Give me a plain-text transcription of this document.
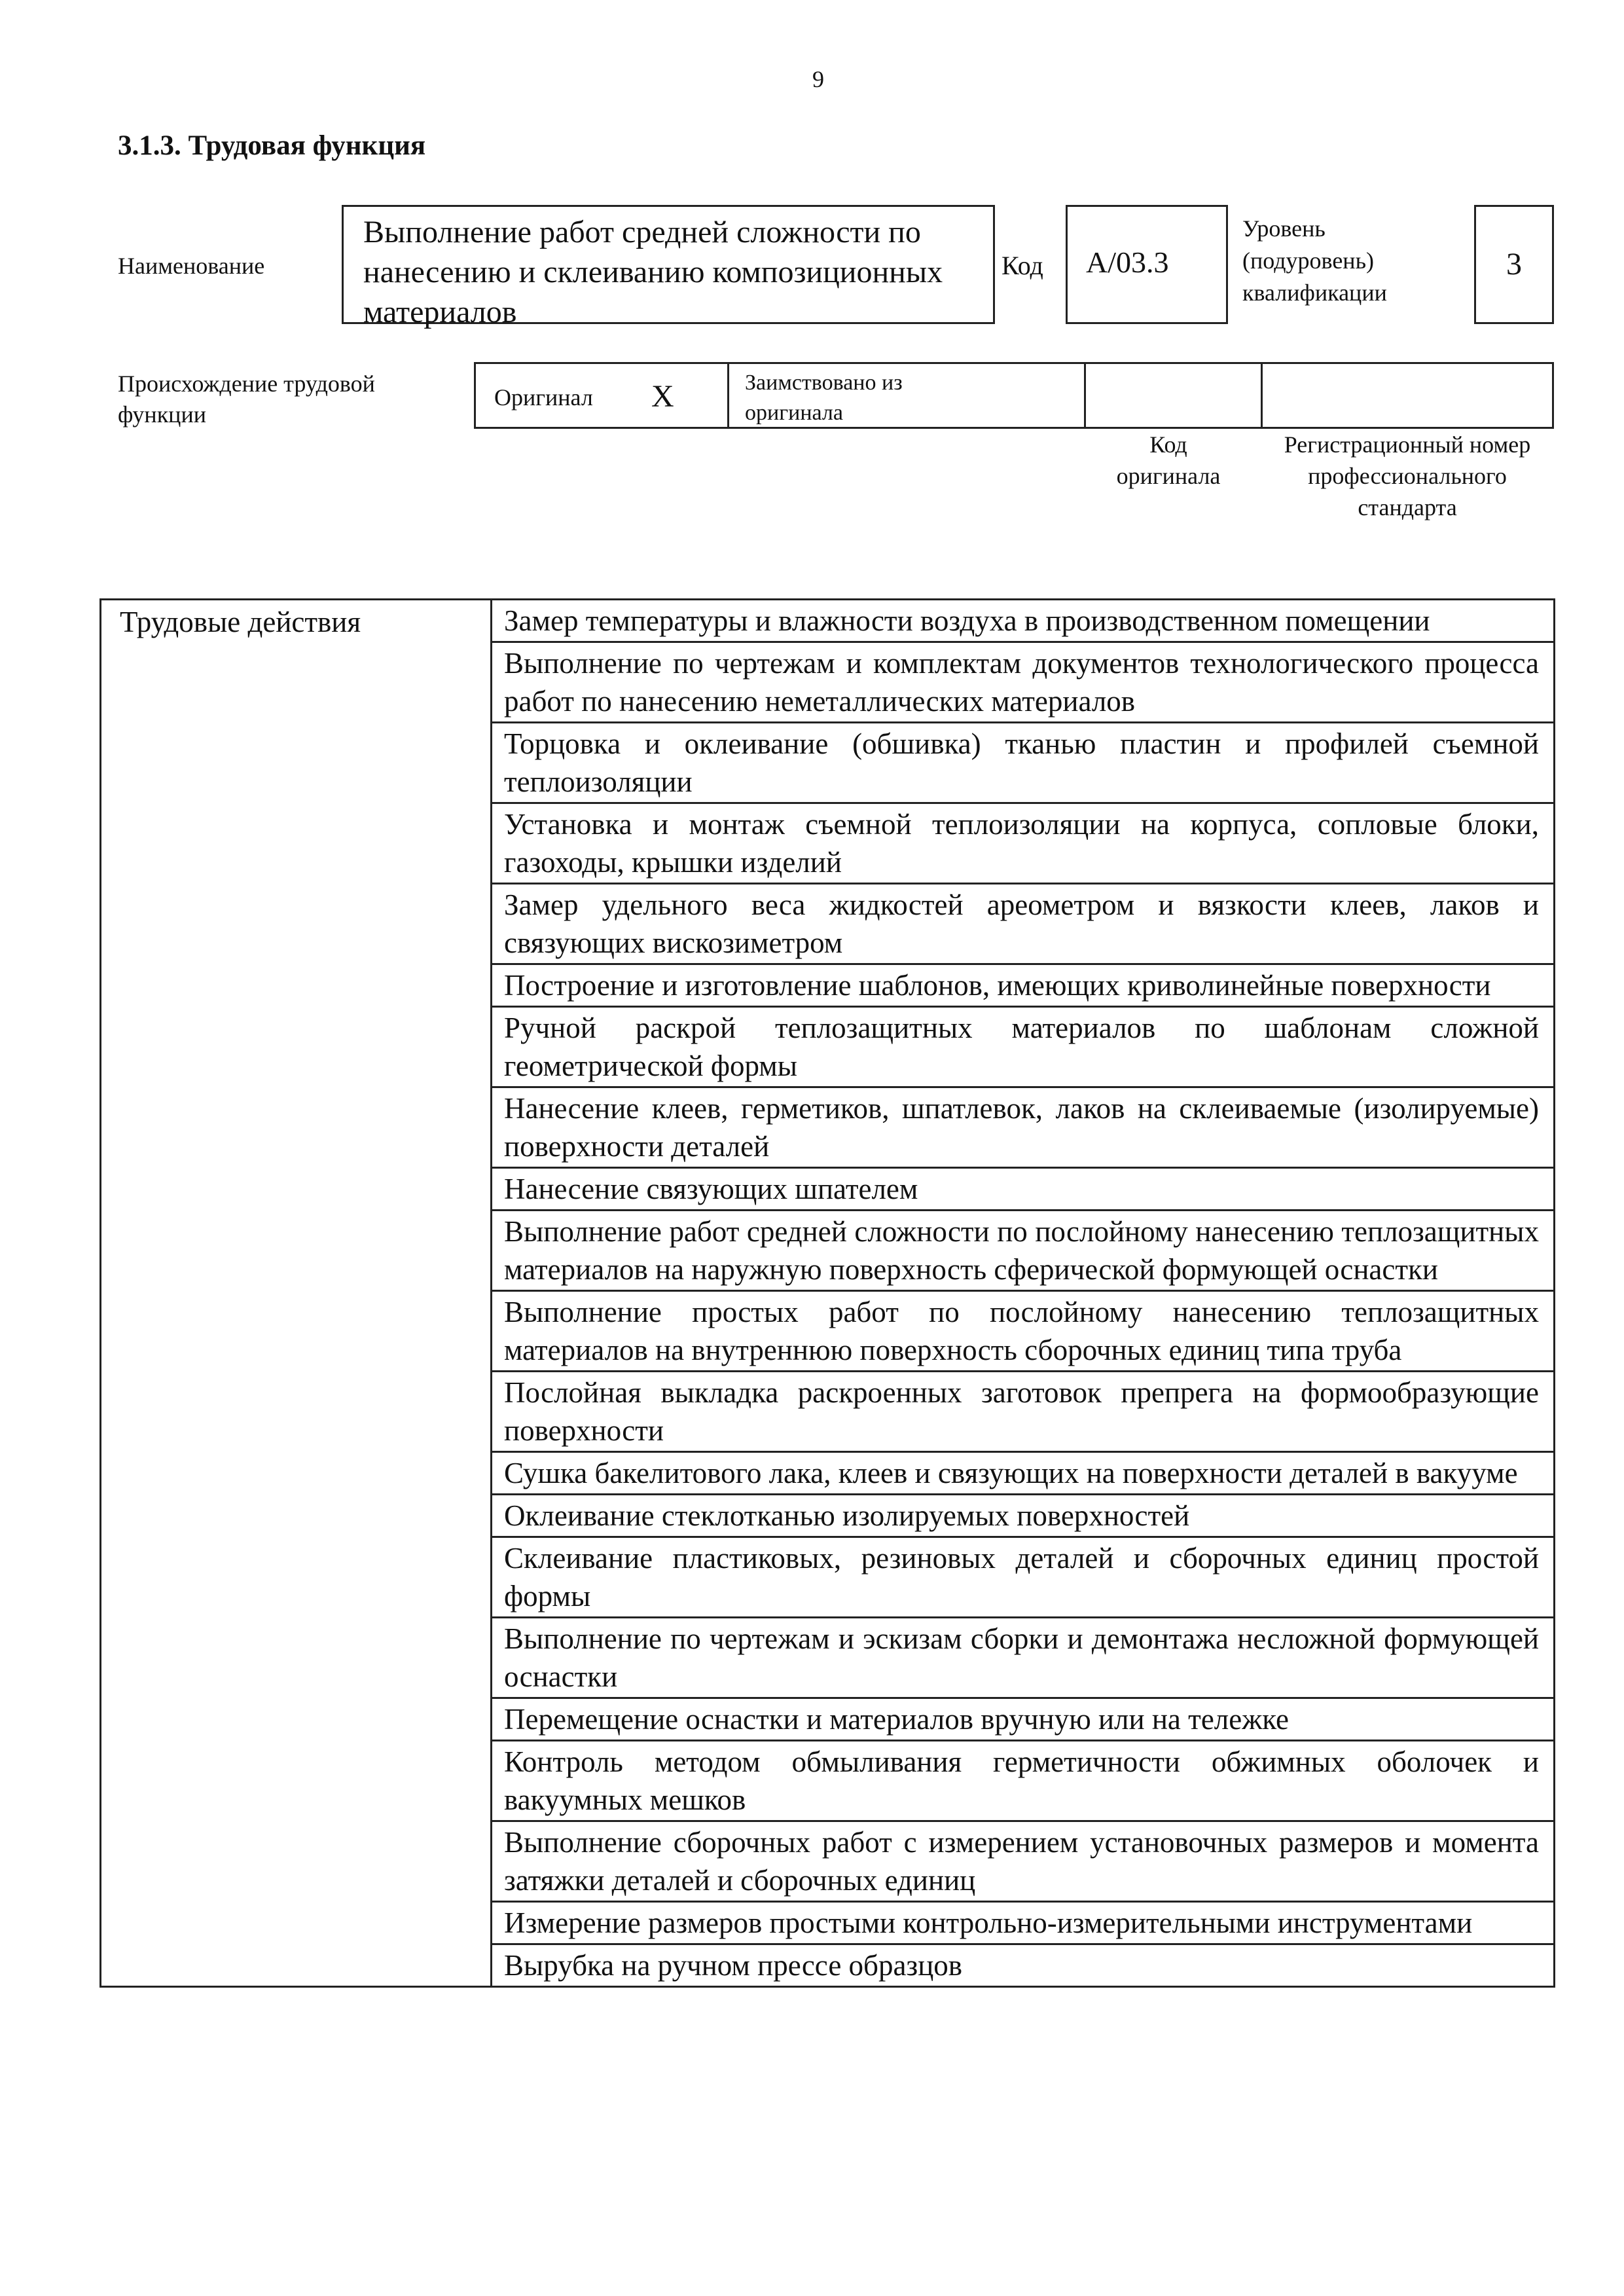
9
3.1.3. Трудовая функция
Наименование
Выполнение работ средней сложности по нанесению и склеиванию композиционных материалов
Код	А/03.3
Уровень (подуровень) квалификации
3
Происхождение трудовой функции
Оригинал X	Заимствовано из оригинала
Код оригинала
Регистрационный номер профессионального стандарта
Трудовые действия	Замер температуры и влажности воздуха в производственном помещении
Выполнение по чертежам и комплектам документов технологического процесса работ по нанесению неметаллических материалов
Торцовка и оклеивание (обшивка) тканью пластин и профилей съемной теплоизоляции
Установка и монтаж съемной теплоизоляции на корпуса, сопловые блоки, газоходы, крышки изделий
Замер удельного веса жидкостей ареометром и вязкости клеев, лаков и связующих вискозиметром
Построение и изготовление шаблонов, имеющих криволинейные поверхности
Ручной раскрой теплозащитных материалов по шаблонам сложной геометрической формы
Нанесение клеев, герметиков, шпатлевок, лаков на склеиваемые (изолируемые) поверхности деталей
Нанесение связующих шпателем
Выполнение работ средней сложности по послойному нанесению теплозащитных материалов на наружную поверхность сферической формующей оснастки
Выполнение простых работ по послойному нанесению теплозащитных материалов на внутреннюю поверхность сборочных единиц типа труба
Послойная выкладка раскроенных заготовок препрега на формообразующие поверхности
Сушка бакелитового лака, клеев и связующих на поверхности деталей в вакууме
Оклеивание стеклотканью изолируемых поверхностей
Склеивание пластиковых, резиновых деталей и сборочных единиц простой формы
Выполнение по чертежам и эскизам сборки и демонтажа несложной формующей оснастки
Перемещение оснастки и материалов вручную или на тележке
Контроль методом обмыливания герметичности обжимных оболочек и вакуумных мешков
Выполнение сборочных работ с измерением установочных размеров и момента затяжки деталей и сборочных единиц
Измерение размеров простыми контрольно-измерительными инструментами
Вырубка на ручном прессе образцов
